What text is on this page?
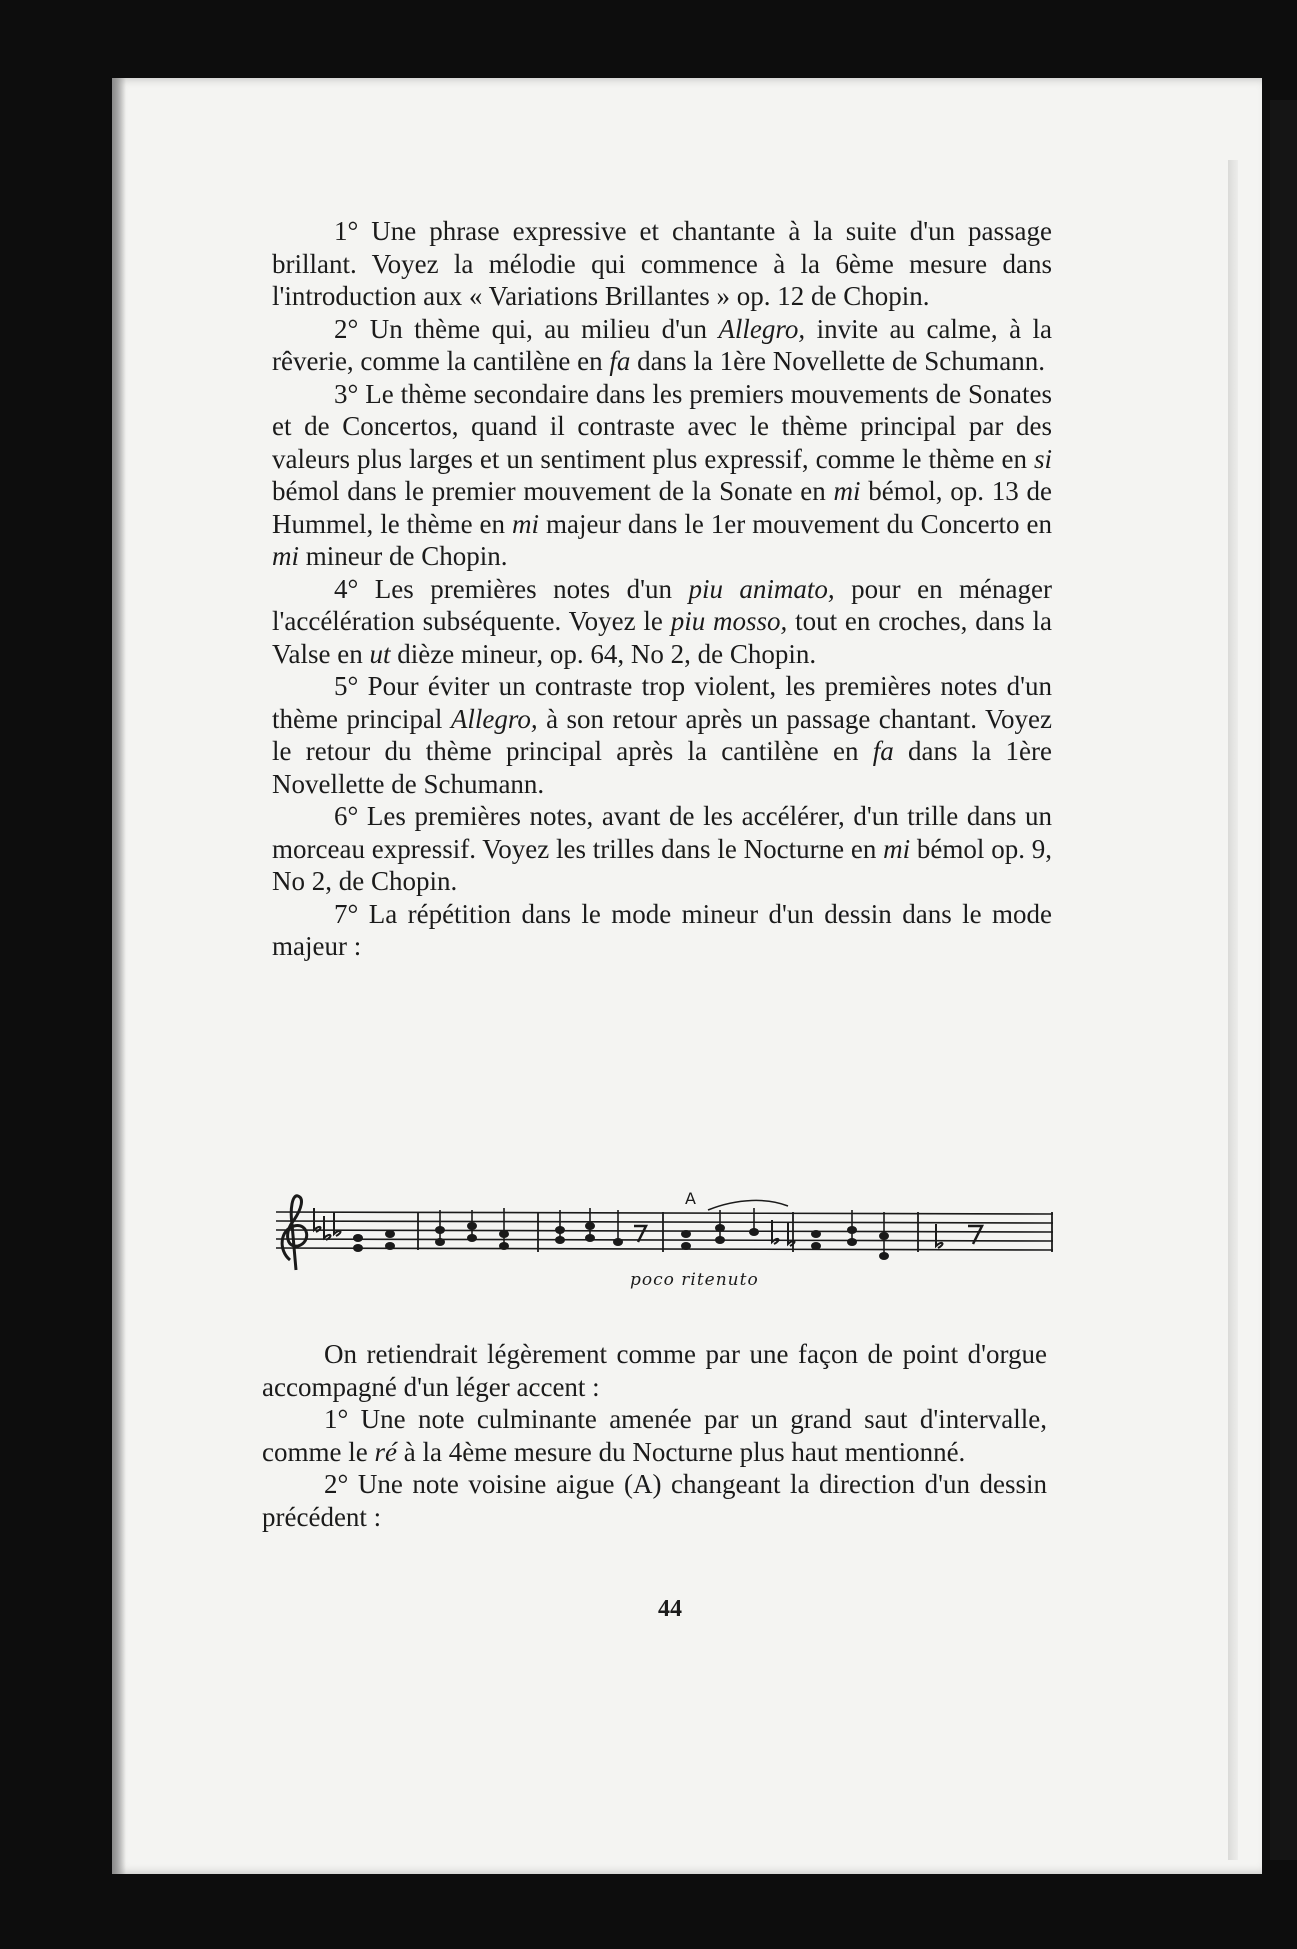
1° Une phrase expressive et chantante à la suite d'un passage brillant. Voyez la mélodie qui commence à la 6ème mesure dans l'introduction aux « Variations Brillantes » op. 12 de Chopin.

2° Un thème qui, au milieu d'un Allegro, invite au calme, à la rêverie, comme la cantilène en fa dans la 1ère Novellette de Schumann.

3° Le thème secondaire dans les premiers mouvements de Sonates et de Concertos, quand il contraste avec le thème principal par des valeurs plus larges et un sentiment plus expressif, comme le thème en si bémol dans le premier mouvement de la Sonate en mi bémol, op. 13 de Hummel, le thème en mi majeur dans le 1er mouvement du Concerto en mi mineur de Chopin.

4° Les premières notes d'un piu animato, pour en ménager l'accélération subséquente. Voyez le piu mosso, tout en croches, dans la Valse en ut dièze mineur, op. 64, No 2, de Chopin.

5° Pour éviter un contraste trop violent, les premières notes d'un thème principal Allegro, à son retour après un passage chantant. Voyez le retour du thème principal après la cantilène en fa dans la 1ère Novellette de Schumann.

6° Les premières notes, avant de les accélérer, d'un trille dans un morceau expressif. Voyez les trilles dans le Nocturne en mi bémol op. 9, No 2, de Chopin.

7° La répétition dans le mode mineur d'un dessin dans le mode majeur :

A
poco ritenuto

On retiendrait légèrement comme par une façon de point d'orgue accompagné d'un léger accent :

1° Une note culminante amenée par un grand saut d'intervalle, comme le ré à la 4ème mesure du Nocturne plus haut mentionné.

2° Une note voisine aigue (A) changeant la direction d'un dessin précédent :

44
